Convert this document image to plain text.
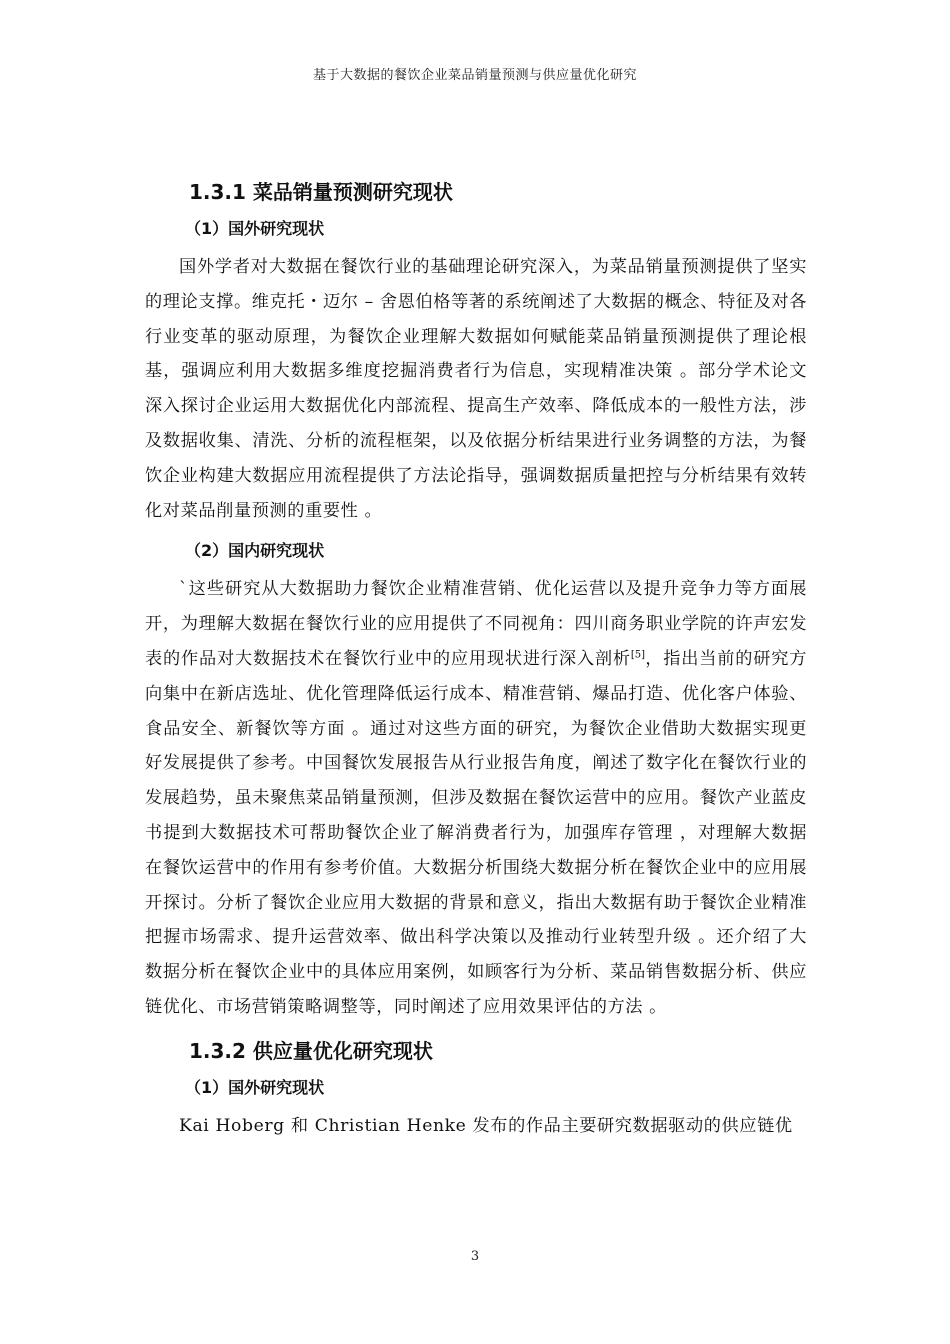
基于大数据的餐饮企业菜品销量预测与供应量优化研究
1.3.1 菜品销量预测研究现状
（1）国外研究现状

国外学者对大数据在餐饮行业的基础理论研究深入，为菜品销量预测提供了坚实的理论支撑。维克托・迈尔 – 舍恩伯格等著的系统阐述了大数据的概念、特征及对各行业变革的驱动原理，为餐饮企业理解大数据如何赋能菜品销量预测提供了理论根基，强调应利用大数据多维度挖掘消费者行为信息，实现精准决策 。部分学术论文深入探讨企业运用大数据优化内部流程、提高生产效率、降低成本的一般性方法，涉及数据收集、清洗、分析的流程框架，以及依据分析结果进行业务调整的方法，为餐饮企业构建大数据应用流程提供了方法论指导，强调数据质量把控与分析结果有效转化对菜品削量预测的重要性 。

（2）国内研究现状

`这些研究从大数据助力餐饮企业精准营销、优化运营以及提升竞争力等方面展开，为理解大数据在餐饮行业的应用提供了不同视角：四川商务职业学院的许声宏发表的作品对大数据技术在餐饮行业中的应用现状进行深入剖析[5]，指出当前的研究方向集中在新店选址、优化管理降低运行成本、精准营销、爆品打造、优化客户体验、食品安全、新餐饮等方面 。通过对这些方面的研究，为餐饮企业借助大数据实现更好发展提供了参考。中国餐饮发展报告从行业报告角度，阐述了数字化在餐饮行业的发展趋势，虽未聚焦菜品销量预测，但涉及数据在餐饮运营中的应用。餐饮产业蓝皮书提到大数据技术可帮助餐饮企业了解消费者行为，加强库存管理 ，对理解大数据在餐饮运营中的作用有参考价值。大数据分析围绕大数据分析在餐饮企业中的应用展开探讨。分析了餐饮企业应用大数据的背景和意义，指出大数据有助于餐饮企业精准把握市场需求、提升运营效率、做出科学决策以及推动行业转型升级 。还介绍了大数据分析在餐饮企业中的具体应用案例，如顾客行为分析、菜品销售数据分析、供应链优化、市场营销策略调整等，同时阐述了应用效果评估的方法 。

1.3.2 供应量优化研究现状
（1）国外研究现状

Kai Hoberg 和 Christian Henke 发布的作品主要研究数据驱动的供应链优

3
